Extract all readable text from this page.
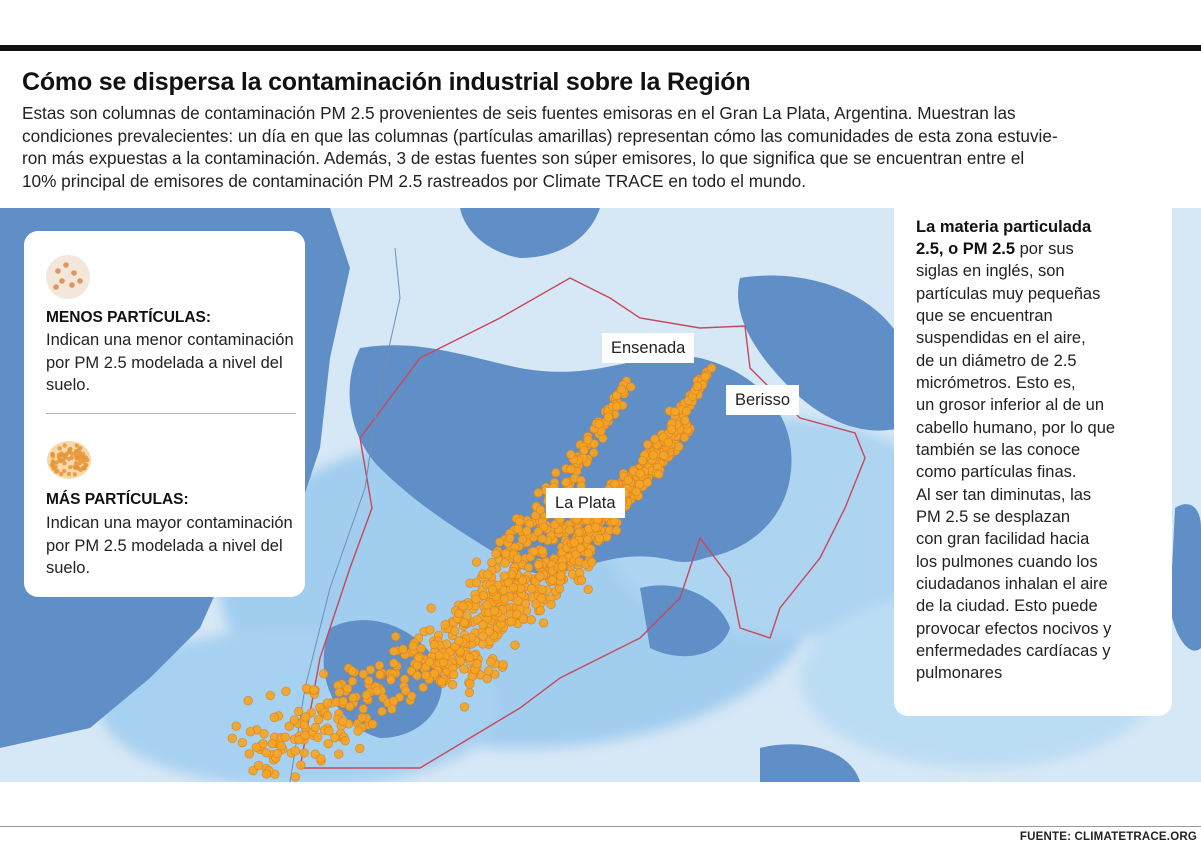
Cómo se dispersa la contaminación industrial sobre la Región
Estas son columnas de contaminación PM 2.5 provenientes de seis fuentes emisoras en el Gran La Plata, Argentina. Muestran las
condiciones prevalecientes: un día en que las columnas (partículas amarillas) representan cómo las comunidades de esta zona estuvie-
ron más expuestas a la contaminación. Además, 3 de estas fuentes son súper emisores, lo que significa que se encuentran entre el
10% principal de emisores de contaminación PM 2.5 rastreados por Climate TRACE en todo el mundo.
MENOS PARTÍCULAS:
Indican una menor contaminación por PM 2.5 modelada a nivel del suelo.
MÁS PARTÍCULAS:
Indican una mayor contaminación por PM 2.5 modelada a nivel del suelo.
Ensenada
Berisso
La Plata
La materia particulada
2.5, o PM 2.5 por sus
siglas en inglés, son
partículas muy pequeñas
que se encuentran
suspendidas en el aire,
de un diámetro de 2.5
micrómetros. Esto es,
un grosor inferior al de un
cabello humano, por lo que
también se las conoce
como partículas finas.
Al ser tan diminutas, las
PM 2.5 se desplazan
con gran facilidad hacia
los pulmones cuando los
ciudadanos inhalan el aire
de la ciudad. Esto puede
provocar efectos nocivos y
enfermedades cardíacas y
pulmonares
FUENTE: CLIMATETRACE.ORG
